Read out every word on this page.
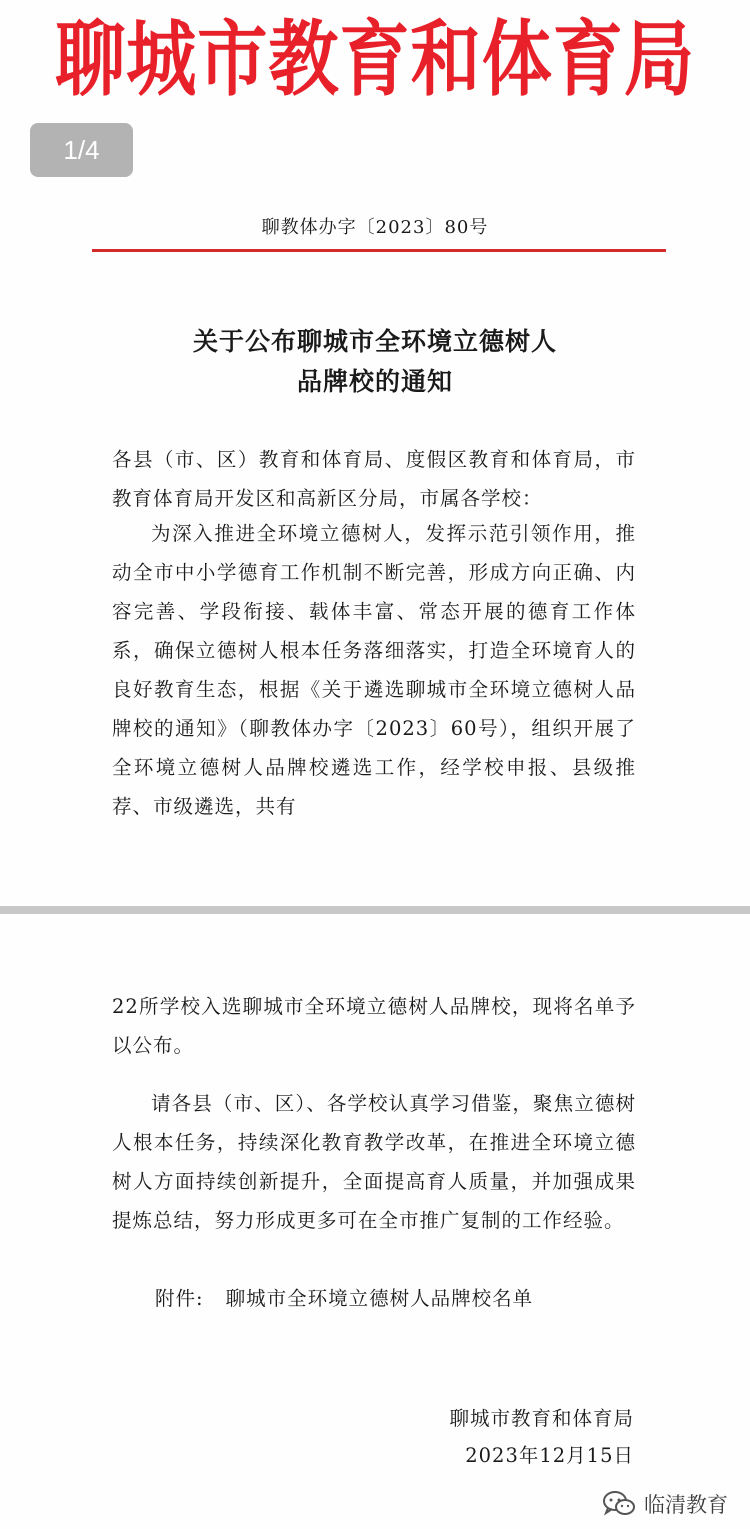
聊城市教育和体育局
1/4
聊教体办字〔2023〕80号
关于公布聊城市全环境立德树人
品牌校的通知

各县（市、区）教育和体育局、度假区教育和体育局，市教育体育局开发区和高新区分局，市属各学校：

为深入推进全环境立德树人，发挥示范引领作用，推动全市中小学德育工作机制不断完善，形成方向正确、内容完善、学段衔接、载体丰富、常态开展的德育工作体系，确保立德树人根本任务落细落实，打造全环境育人的良好教育生态，根据《关于遴选聊城市全环境立德树人品牌校的通知》（聊教体办字〔2023〕60号），组织开展了全环境立德树人品牌校遴选工作，经学校申报、县级推荐、市级遴选，共有

22所学校入选聊城市全环境立德树人品牌校，现将名单予以公布。

请各县（市、区）、各学校认真学习借鉴，聚焦立德树人根本任务，持续深化教育教学改革，在推进全环境立德树人方面持续创新提升，全面提高育人质量，并加强成果提炼总结，努力形成更多可在全市推广复制的工作经验。

附件: 聊城市全环境立德树人品牌校名单
聊城市教育和体育局
2023年12月15日
临清教育
